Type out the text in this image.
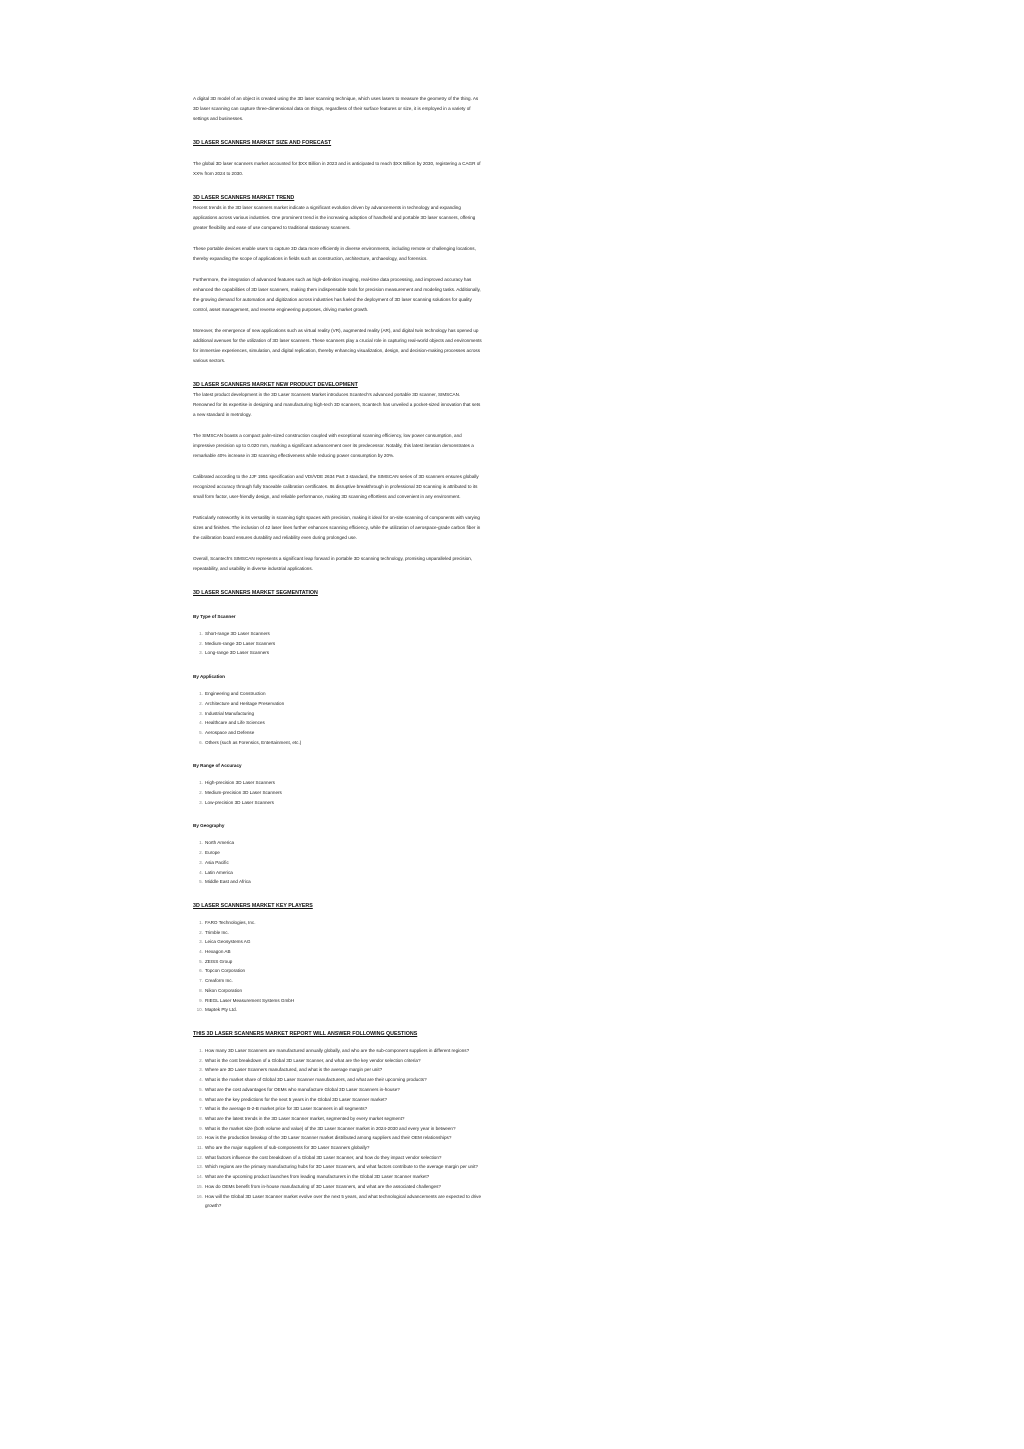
A digital 3D model of an object is created using the 3D laser scanning technique, which uses lasers to measure the geometry of the thing. As 3D laser scanning can capture three-dimensional data on things, regardless of their surface features or size, it is employed in a variety of settings and businesses.

3D LASER SCANNERS MARKET SIZE AND FORECAST

The global 3D laser scanners market accounted for $XX Billion in 2023 and is anticipated to reach $XX Billion by 2030, registering a CAGR of XX% from 2024 to 2030.

3D LASER SCANNERS MARKET TREND

Recent trends in the 3D laser scanners market indicate a significant evolution driven by advancements in technology and expanding applications across various industries. One prominent trend is the increasing adoption of handheld and portable 3D laser scanners, offering greater flexibility and ease of use compared to traditional stationary scanners.

These portable devices enable users to capture 3D data more efficiently in diverse environments, including remote or challenging locations, thereby expanding the scope of applications in fields such as construction, architecture, archaeology, and forensics.

Furthermore, the integration of advanced features such as high-definition imaging, real-time data processing, and improved accuracy has enhanced the capabilities of 3D laser scanners, making them indispensable tools for precision measurement and modeling tasks. Additionally, the growing demand for automation and digitization across industries has fueled the deployment of 3D laser scanning solutions for quality control, asset management, and reverse engineering purposes, driving market growth.

Moreover, the emergence of new applications such as virtual reality (VR), augmented reality (AR), and digital twin technology has opened up additional avenues for the utilization of 3D laser scanners. These scanners play a crucial role in capturing real-world objects and environments for immersive experiences, simulation, and digital replication, thereby enhancing visualization, design, and decision-making processes across various sectors.

3D LASER SCANNERS MARKET NEW PRODUCT DEVELOPMENT

The latest product development in the 3D Laser Scanners Market introduces Scantech's advanced portable 3D scanner, SIMSCAN. Renowned for its expertise in designing and manufacturing high-tech 3D scanners, Scantech has unveiled a pocket-sized innovation that sets a new standard in metrology.

The SIMSCAN boasts a compact palm-sized construction coupled with exceptional scanning efficiency, low power consumption, and impressive precision up to 0.020 mm, marking a significant advancement over its predecessor. Notably, this latest iteration demonstrates a remarkable 40% increase in 3D scanning effectiveness while reducing power consumption by 20%.

Calibrated according to the JJF 1951 specification and VDI/VDE 2634 Part 3 standard, the SIMSCAN series of 3D scanners ensures globally recognized accuracy through fully traceable calibration certificates. Its disruptive breakthrough in professional 3D scanning is attributed to its small form factor, user-friendly design, and reliable performance, making 3D scanning effortless and convenient in any environment.

Particularly noteworthy is its versatility in scanning tight spaces with precision, making it ideal for on-site scanning of components with varying sizes and finishes. The inclusion of 42 laser lines further enhances scanning efficiency, while the utilization of aerospace-grade carbon fiber in the calibration board ensures durability and reliability even during prolonged use.

Overall, Scantech's SIMSCAN represents a significant leap forward in portable 3D scanning technology, promising unparalleled precision, repeatability, and usability in diverse industrial applications.

3D LASER SCANNERS MARKET SEGMENTATION
By Type of Scanner
1 . Short-range 3D Laser Scanners
2 . Medium-range 3D Laser Scanners
3 . Long-range 3D Laser Scanners
By Application
1 . Engineering and Construction
2 . Architecture and Heritage Preservation
3 . Industrial Manufacturing
4 . Healthcare and Life Sciences
5 . Aerospace and Defense
6 . Others (such as Forensics, Entertainment, etc.)
By Range of Accuracy
1 . High-precision 3D Laser Scanners
2 . Medium-precision 3D Laser Scanners
3 . Low-precision 3D Laser Scanners
By Geography
1 . North America
2 . Europe
3 . Asia Pacific
4 . Latin America
5 . Middle East and Africa
3D LASER SCANNERS MARKET KEY PLAYERS
1 . FARO Technologies, Inc.
2 . Trimble Inc.
3 . Leica Geosystems AG
4 . Hexagon AB
5 . ZEISS Group
6 . Topcon Corporation
7 . Creaform Inc.
8 . Nikon Corporation
9 . RIEGL Laser Measurement Systems GmbH
10 . Maptek Pty Ltd.
THIS 3D LASER SCANNERS MARKET REPORT WILL ANSWER FOLLOWING QUESTIONS
1 . How many 3D Laser Scanners are manufactured annually globally, and who are the sub-component suppliers in different regions?
2 . What is the cost breakdown of a Global 3D Laser Scanner, and what are the key vendor selection criteria?
3 . Where are 3D Laser Scanners manufactured, and what is the average margin per unit?
4 . What is the market share of Global 3D Laser Scanner manufacturers, and what are their upcoming products?
5 . What are the cost advantages for OEMs who manufacture Global 3D Laser Scanners in-house?
6 . What are the key predictions for the next 5 years in the Global 3D Laser Scanner market?
7 . What is the average B-2-B market price for 3D Laser Scanners in all segments?
8 . What are the latest trends in the 3D Laser Scanner market, segmented by every market segment?
9 . What is the market size (both volume and value) of the 3D Laser Scanner market in 2024-2030 and every year in between?
10 . How is the production breakup of the 3D Laser Scanner market distributed among suppliers and their OEM relationships?
11 . Who are the major suppliers of sub-components for 3D Laser Scanners globally?
12 . What factors influence the cost breakdown of a Global 3D Laser Scanner, and how do they impact vendor selection?
13 . Which regions are the primary manufacturing hubs for 3D Laser Scanners, and what factors contribute to the average margin per unit?
14 . What are the upcoming product launches from leading manufacturers in the Global 3D Laser Scanner market?
15 . How do OEMs benefit from in-house manufacturing of 3D Laser Scanners, and what are the associated challenges?
16 . How will the Global 3D Laser Scanner market evolve over the next 5 years, and what technological advancements are expected to drive growth?
